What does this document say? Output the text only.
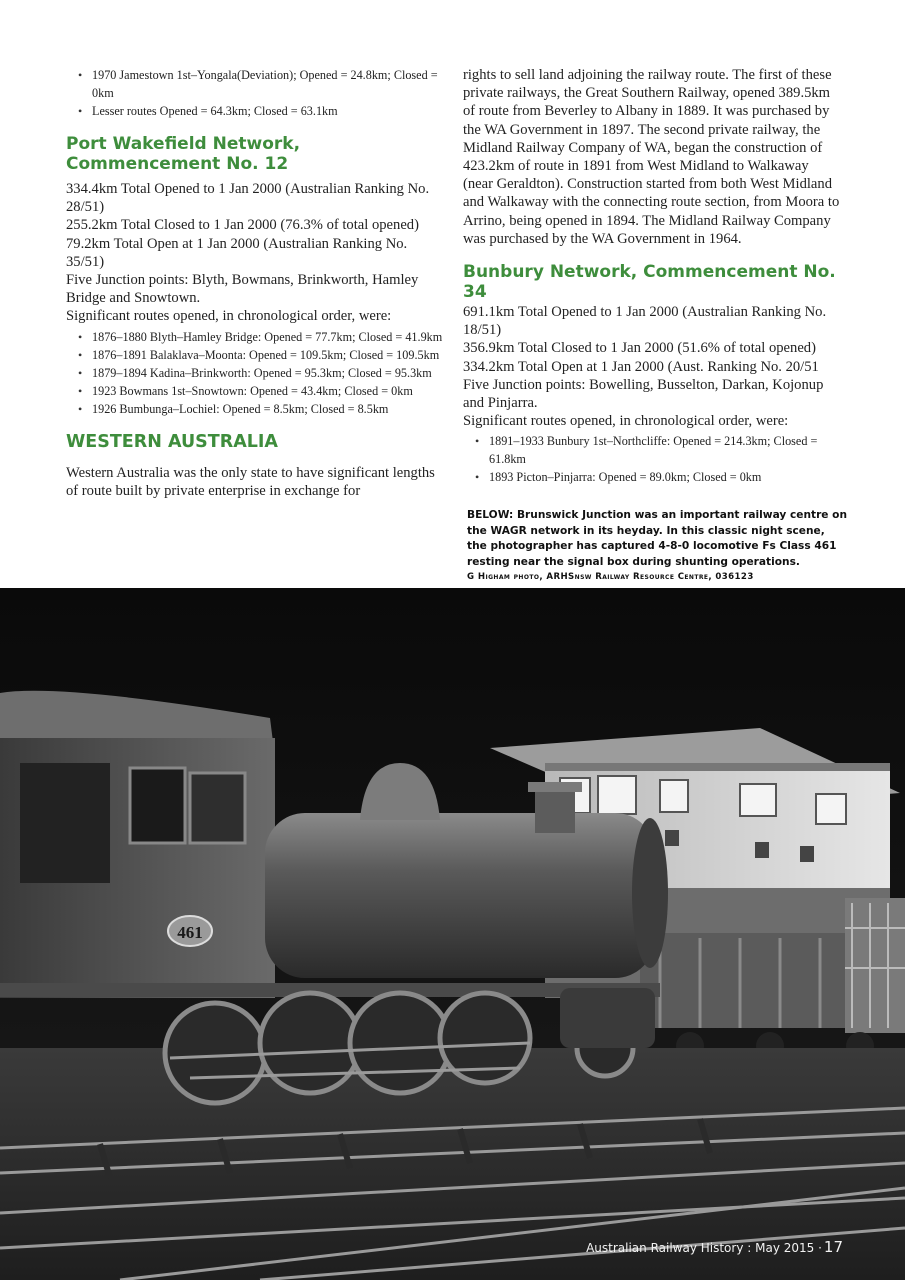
• 1970 Jamestown 1st–Yongala(Deviation); Opened = 24.8km; Closed = 0km
• Lesser routes Opened = 64.3km; Closed = 63.1km
Port Wakefield Network,
Commencement No. 12

334.4km Total Opened to 1 Jan 2000 (Australian Ranking No. 28/51)

255.2km Total Closed to 1 Jan 2000 (76.3% of total opened)

79.2km Total Open at 1 Jan 2000 (Australian Ranking No. 35/51)

Five Junction points: Blyth, Bowmans, Brinkworth, Hamley Bridge and Snowtown.

Significant routes opened, in chronological order, were:

• 1876–1880 Blyth–Hamley Bridge: Opened = 77.7km; Closed = 41.9km
• 1876–1891 Balaklava–Moonta: Opened = 109.5km; Closed = 109.5km
• 1879–1894 Kadina–Brinkworth: Opened = 95.3km; Closed = 95.3km
• 1923 Bowmans 1st–Snowtown: Opened = 43.4km; Closed = 0km
• 1926 Bumbunga–Lochiel: Opened = 8.5km; Closed = 8.5km
WESTERN AUSTRALIA

Western Australia was the only state to have significant lengths of route built by private enterprise in exchange for

rights to sell land adjoining the railway route. The first of these private railways, the Great Southern Railway, opened 389.5km of route from Beverley to Albany in 1889. It was purchased by the WA Government in 1897. The second private railway, the Midland Railway Company of WA, began the construction of 423.2km of route in 1891 from West Midland to Walkaway (near Geraldton). Construction started from both West Midland and Walkaway with the connecting route section, from Moora to Arrino, being opened in 1894. The Midland Railway Company was purchased by the WA Government in 1964.

Bunbury Network, Commencement No. 34

691.1km Total Opened to 1 Jan 2000 (Australian Ranking No. 18/51)

356.9km Total Closed to 1 Jan 2000 (51.6% of total opened)

334.2km Total Open at 1 Jan 2000 (Aust. Ranking No. 20/51

Five Junction points: Bowelling, Busselton, Darkan, Kojonup and Pinjarra.

Significant routes opened, in chronological order, were:

• 1891–1933 Bunbury 1st–Northcliffe: Opened = 214.3km; Closed = 61.8km
• 1893 Picton–Pinjarra: Opened = 89.0km; Closed = 0km
BELOW: Brunswick Junction was an important railway centre on the WAGR network in its heyday. In this classic night scene, the photographer has captured 4-8-0 locomotive Fs Class 461 resting near the signal box during shunting operations.
G Higham photo, ARHSnsw Railway Resource Centre, 036123
461
Australian Railway History : May 2015 · 17
